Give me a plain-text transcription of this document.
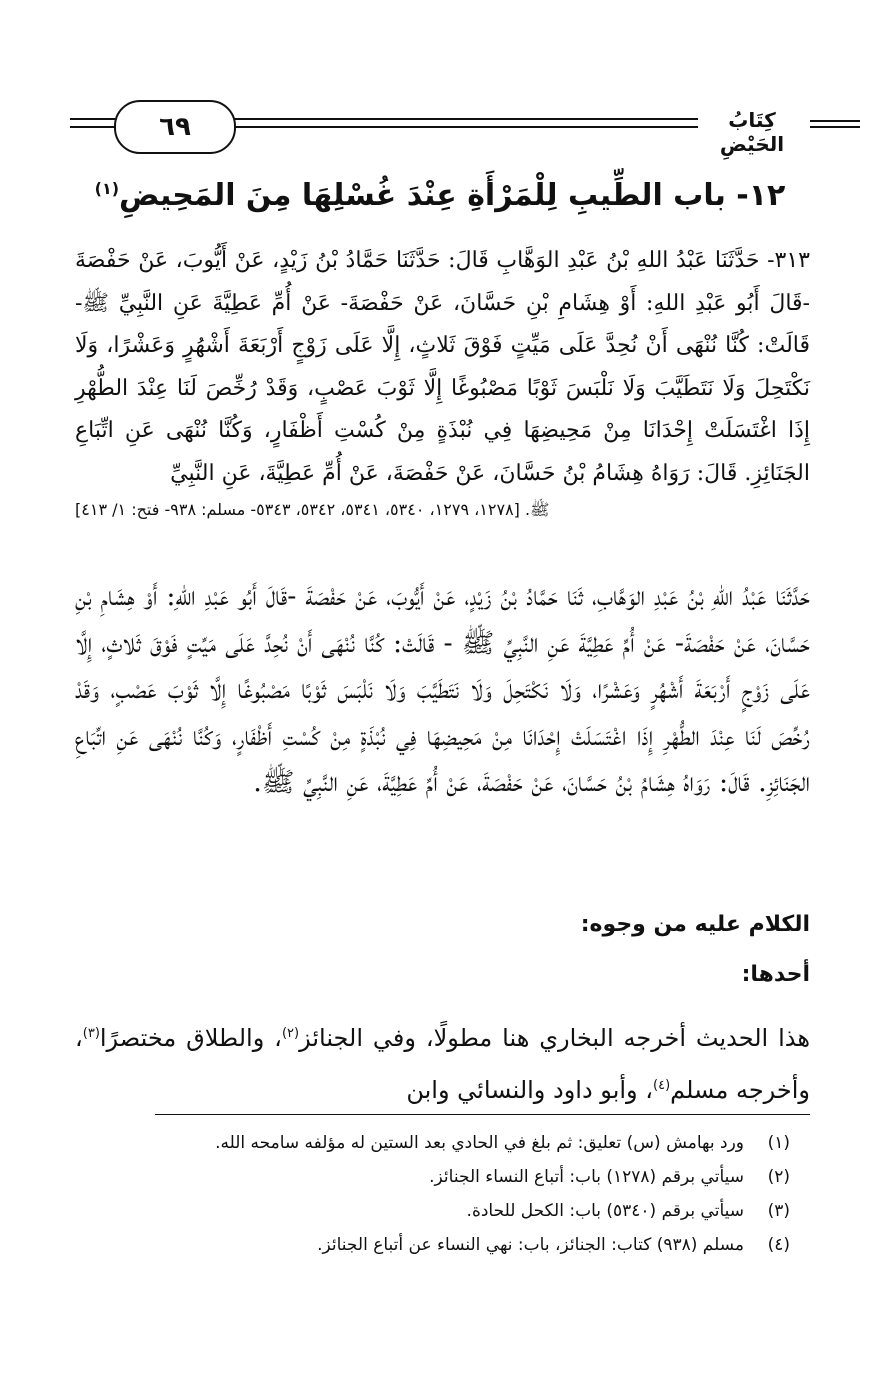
٦٩	كِتَابُ الحَيْضِ
١٢- باب الطِّيبِ لِلْمَرْأَةِ عِنْدَ غُسْلِهَا مِنَ المَحِيضِ$^{(١)}$
٣١٣- حَدَّثَنَا عَبْدُ اللهِ بْنُ عَبْدِ الوَهَّابِ قَالَ: حَدَّثَنَا حَمَّادُ بْنُ زَيْدٍ، عَنْ أَيُّوبَ، عَنْ حَفْصَةَ -قَالَ أَبُو عَبْدِ اللهِ: أَوْ هِشَامِ بْنِ حَسَّانَ، عَنْ حَفْصَةَ- عَنْ أُمِّ عَطِيَّةَ عَنِ النَّبِيِّ ﷺ- قَالَتْ: كُنَّا نُنْهَى أَنْ نُحِدَّ عَلَى مَيِّتٍ فَوْقَ ثَلاثٍ، إِلَّا عَلَى زَوْجٍ أَرْبَعَةَ أَشْهُرٍ وَعَشْرًا، وَلَا نَكْتَحِلَ وَلَا نَتَطَيَّبَ وَلَا نَلْبَسَ ثَوْبًا مَصْبُوغًا إِلَّا ثَوْبَ عَصْبٍ، وَقَدْ رُخِّصَ لَنَا عِنْدَ الطُّهْرِ إِذَا اغْتَسَلَتْ إِحْدَانَا مِنْ مَحِيضِهَا فِي نُبْذَةٍ مِنْ كُسْتِ أَظْفَارٍ، وَكُنَّا نُنْهَى عَنِ اتِّبَاعِ الجَنَائِزِ. قَالَ: رَوَاهُ هِشَامُ بْنُ حَسَّانَ، عَنْ حَفْصَةَ، عَنْ أُمِّ عَطِيَّةَ، عَنِ النَّبِيِّ
ﷺ. [١٢٧٨، ١٢٧٩، ٥٣٤٠، ٥٣٤١، ٥٣٤٢، ٥٣٤٣- مسلم: ٩٣٨- فتح: ١/ ٤١٣]
حَدَّثَنَا عَبْدُ اللهِ بْنُ عَبْدِ الوَهَّابِ، ثَنَا حَمَّادُ بْنُ زَيْدٍ، عَنْ أَيُّوبَ، عَنْ حَفْصَةَ -قَالَ أَبُو عَبْدِ اللهِ: أَوْ هِشَامِ بْنِ حَسَّانَ، عَنْ حَفْصَةَ- عَنْ أُمِّ عَطِيَّةَ عَنِ النَّبِيِّ ﷺ - قَالَتْ: كُنَّا نُنْهَى أَنْ نُحِدَّ عَلَى مَيِّتٍ فَوْقَ ثَلاثٍ، إِلَّا عَلَى زَوْجٍ أَرْبَعَةَ أَشْهُرٍ وَعَشْرًا، وَلَا نَكْتَحِلَ وَلَا نَتَطَيَّبَ وَلَا نَلْبَسَ ثَوْبًا مَصْبُوغًا إِلَّا ثَوْبَ عَصْبٍ، وَقَدْ رُخِّصَ لَنَا عِنْدَ الطُّهْرِ إِذَا اغْتَسَلَتْ إِحْدَانَا مِنْ مَحِيضِهَا فِي نُبْذَةٍ مِنْ كُسْتِ أَظْفَارٍ، وَكُنَّا نُنْهَى عَنِ اتِّبَاعِ الجَنَائِزِ. قَالَ: رَوَاهُ هِشَامُ بْنُ حَسَّانَ، عَنْ حَفْصَةَ، عَنْ أُمِّ عَطِيَّةَ، عَنِ النَّبِيِّ ﷺ.
الكلام عليه من وجوه:
أحدها:
هذا الحديث أخرجه البخاري هنا مطولًا، وفي الجنائز$^{(٢)}$، والطلاق مختصرًا$^{(٣)}$، وأخرجه مسلم$^{(٤)}$، وأبو داود والنسائي وابن
(١)ورد بهامش (س) تعليق: ثم بلغ في الحادي بعد الستين له مؤلفه سامحه الله.
(٢)سيأتي برقم (١٢٧٨) باب: أتباع النساء الجنائز.
(٣)سيأتي برقم (٥٣٤٠) باب: الكحل للحادة.
(٤)مسلم (٩٣٨) كتاب: الجنائز، باب: نهي النساء عن أتباع الجنائز.
